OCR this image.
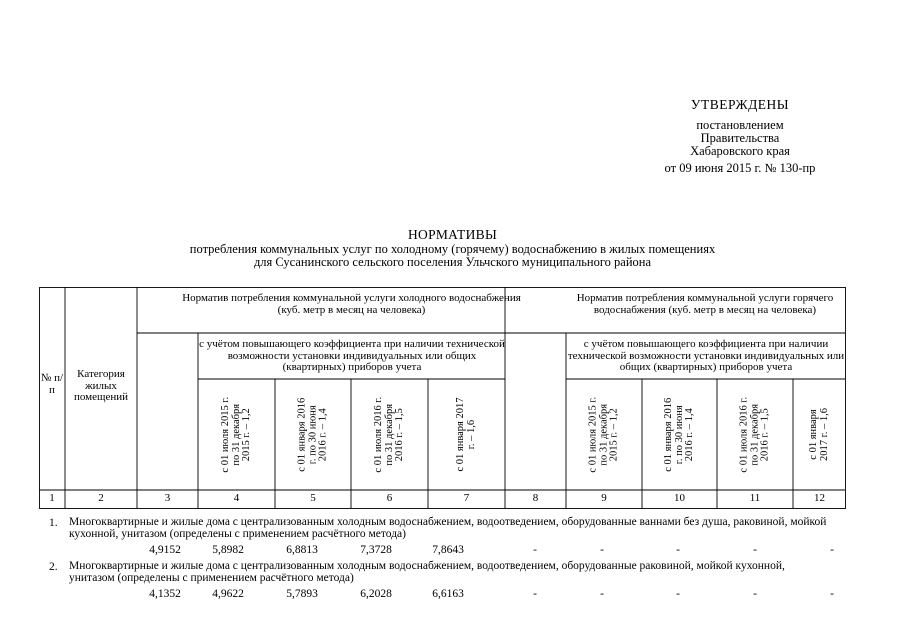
УТВЕРЖДЕНЫ
постановлением
Правительства
Хабаровского края
от 09 июня 2015 г. № 130-пр
НОРМАТИВЫ
потребления коммунальных услуг по холодному (горячему) водоснабжению в жилых помещениях
для Сусанинского сельского поселения Ульчского муниципального района
№ п/п
Категория жилых помещений
Норматив потребления коммунальной услуги холодного водоснабжения (куб. метр в месяц на человека)
Норматив потребления коммунальной услуги горячего водоснабжения (куб. метр в месяц на человека)
с учётом повышающего коэффициента при наличии технической возможности установки индивидуальных или общих (квартирных) приборов учета
с учётом повышающего коэффициента при наличии технической возможности установки индивидуальных или общих (квартирных) приборов учета
с 01 июля 2015 г. по 31 декабря 2015 г. – 1,2	с 01 января 2016 г. по 30 июня 2016 г. – 1,4	с 01 июля 2016 г. по 31 декабря 2016 г. – 1,5	с 01 января 2017 г. – 1,6	с 01 июля 2015 г. по 31 декабря 2015 г. – 1,2	с 01 января 2016 г. по 30 июня 2016 г. – 1,4	с 01 июля 2016 г. по 31 декабря 2016 г. – 1,5	с 01 января 2017 г. – 1,6
1	2	3	4	5	6	7	8	9	10	11	12
1. Многоквартирные и жилые дома с централизованным холодным водоснабжением, водоотведением, оборудованные ваннами без душа, раковиной, мойкой кухонной, унитазом (определены с применением расчётного метода)
4,9152	5,8982	6,8813	7,3728	7,8643	-	-	-	-	-
2. Многоквартирные и жилые дома с централизованным холодным водоснабжением, водоотведением, оборудованные раковиной, мойкой кухонной, унитазом (определены с применением расчётного метода)
4,1352	4,9622	5,7893	6,2028	6,6163	-	-	-	-	-
